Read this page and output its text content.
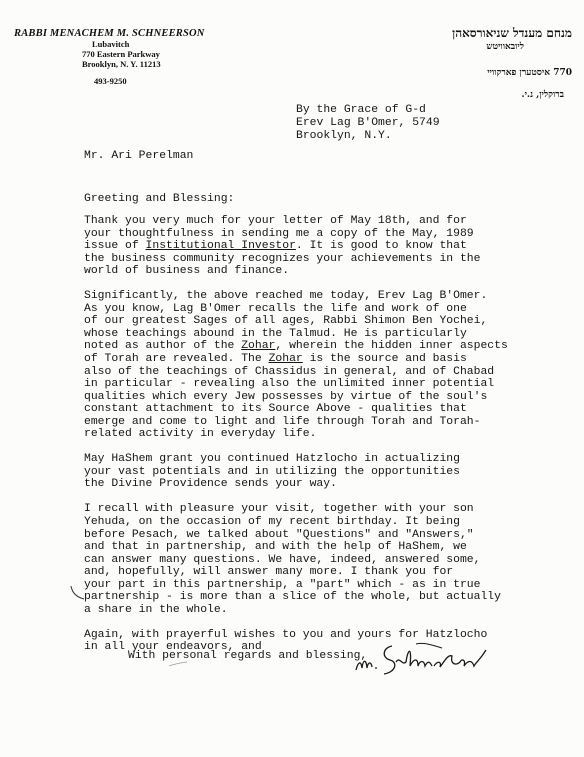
RABBI MENACHEM M. SCHNEERSON
Lubavitch
770 Eastern Parkway
Brooklyn, N. Y. 11213
493-9250
מנחם מענדל שניאורסאהן
ליובאוויטש
770 איסטערן פארקוויי
ברוקלין, נ.י.
By the Grace of G-d
Erev Lag B'Omer, 5749
Brooklyn, N.Y.
Mr. Ari Perelman
Greeting and Blessing:

Thank you very much for your letter of May 18th, and for
your thoughtfulness in sending me a copy of the May, 1989
issue of Institutional Investor. It is good to know that
the business community recognizes your achievements in the
world of business and finance.

Significantly, the above reached me today, Erev Lag B'Omer.
As you know, Lag B'Omer recalls the life and work of one
of our greatest Sages of all ages, Rabbi Shimon Ben Yochei,
whose teachings abound in the Talmud. He is particularly
noted as author of the Zohar, wherein the hidden inner aspects
of Torah are revealed. The Zohar is the source and basis
also of the teachings of Chassidus in general, and of Chabad
in particular - revealing also the unlimited inner potential
qualities which every Jew possesses by virtue of the soul's
constant attachment to its Source Above - qualities that
emerge and come to light and life through Torah and Torah-
related activity in everyday life.

May HaShem grant you continued Hatzlocho in actualizing
your vast potentials and in utilizing the opportunities
the Divine Providence sends your way.

I recall with pleasure your visit, together with your son
Yehuda, on the occasion of my recent birthday. It being
before Pesach, we talked about "Questions" and "Answers,"
and that in partnership, and with the help of HaShem, we
can answer many questions. We have, indeed, answered some,
and, hopefully, will answer many more. I thank you for
your part in this partnership, a "part" which - as in true
partnership - is more than a slice of the whole, but actually
a share in the whole.

Again, with prayerful wishes to you and yours for Hatzlocho
in all your endeavors, and

With personal regards and blessing,
